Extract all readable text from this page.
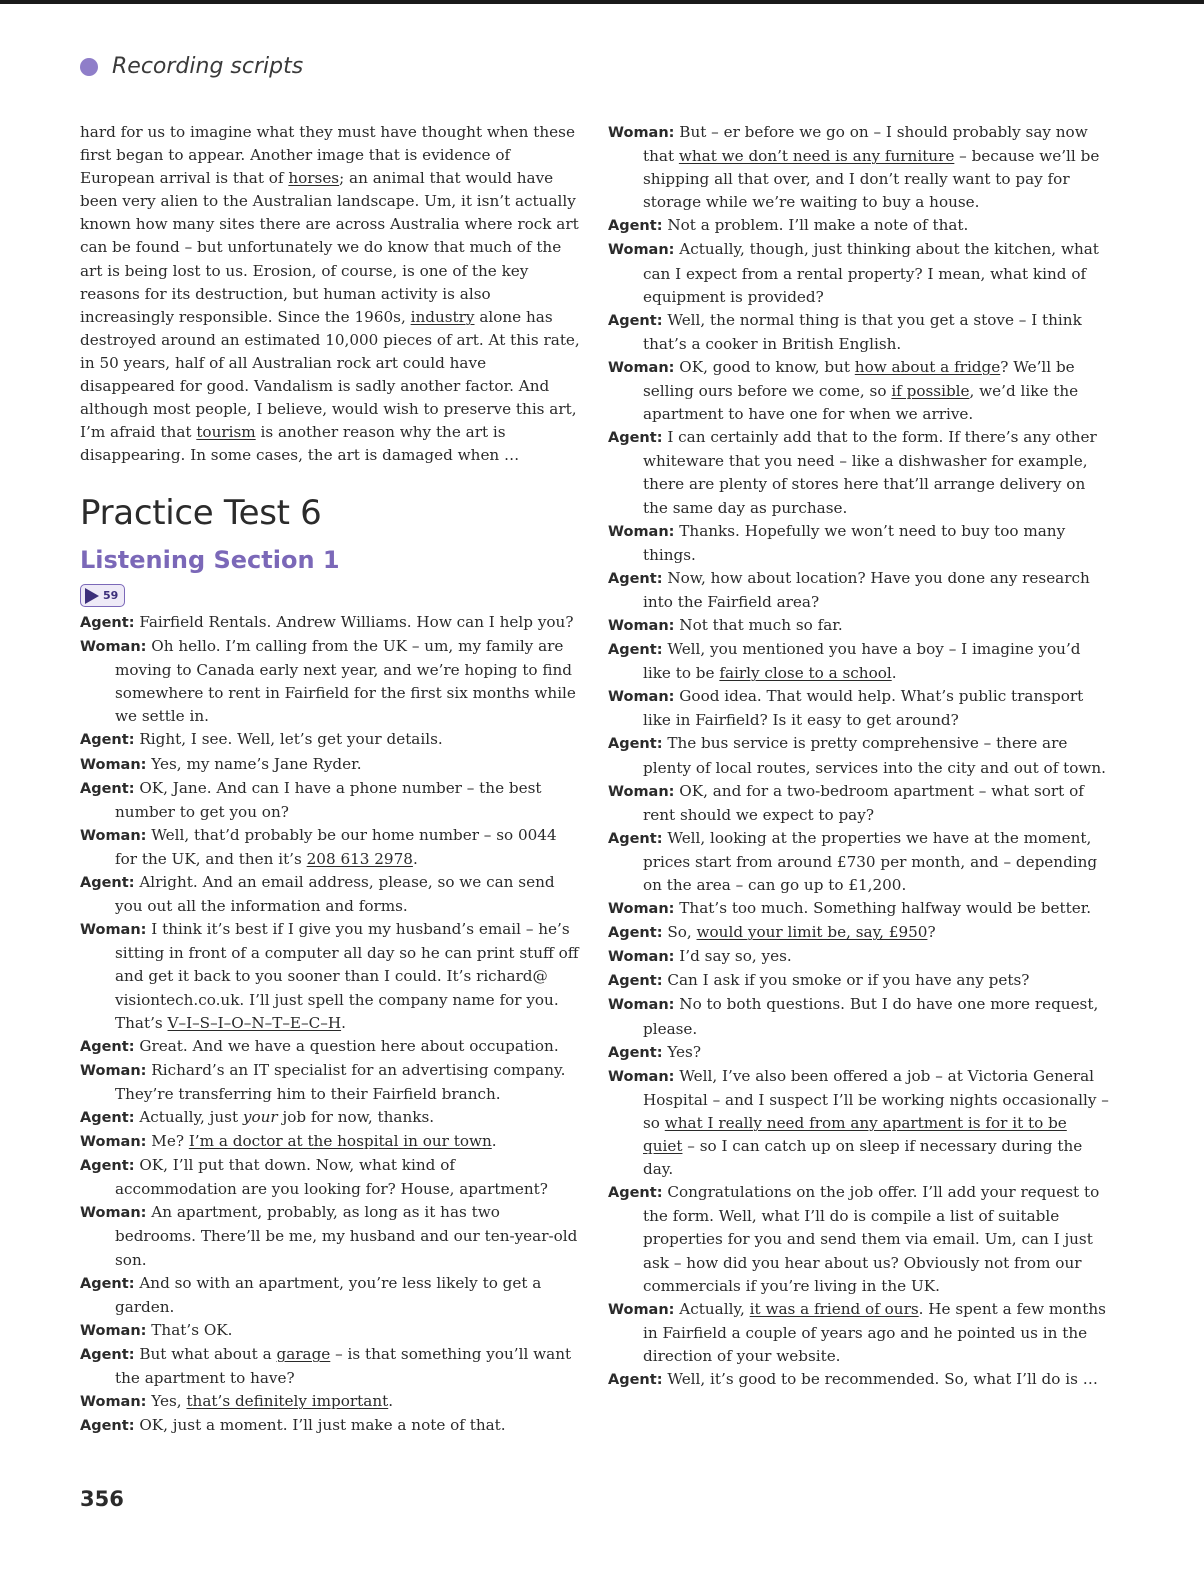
Recording scripts

hard for us to imagine what they must have thought when these first began to appear. Another image that is evidence of European arrival is that of horses; an animal that would have been very alien to the Australian landscape. Um, it isn’t actually known how many sites there are across Australia where rock art can be found – but unfortunately we do know that much of the art is being lost to us. Erosion, of course, is one of the key reasons for its destruction, but human activity is also increasingly responsible. Since the 1960s, industry alone has destroyed around an estimated 10,000 pieces of art. At this rate, in 50 years, half of all Australian rock art could have disappeared for good. Vandalism is sadly another factor. And although most people, I believe, would wish to preserve this art, I’m afraid that tourism is another reason why the art is disappearing. In some cases, the art is damaged when …

Practice Test 6
Listening Section 1
59

Agent: Fairfield Rentals. Andrew Williams. How can I help you?

Woman: Oh hello. I’m calling from the UK – um, my family are moving to Canada early next year, and we’re hoping to find somewhere to rent in Fairfield for the first six months while we settle in.

Agent: Right, I see. Well, let’s get your details.

Woman: Yes, my name’s Jane Ryder.

Agent: OK, Jane. And can I have a phone number – the best number to get you on?

Woman: Well, that’d probably be our home number – so 0044 for the UK, and then it’s 208 613 2978.

Agent: Alright. And an email address, please, so we can send you out all the information and forms.

Woman: I think it’s best if I give you my husband’s email – he’s sitting in front of a computer all day so he can print stuff off and get it back to you sooner than I could. It’s richard@ visiontech.co.uk. I’ll just spell the company name for you. That’s V–I–S–I–O–N–T–E–C–H.

Agent: Great. And we have a question here about occupation.

Woman: Richard’s an IT specialist for an advertising company. They’re transferring him to their Fairfield branch.

Agent: Actually, just your job for now, thanks.

Woman: Me? I’m a doctor at the hospital in our town.

Agent: OK, I’ll put that down. Now, what kind of accommodation are you looking for? House, apartment?

Woman: An apartment, probably, as long as it has two bedrooms. There’ll be me, my husband and our ten-year-old son.

Agent: And so with an apartment, you’re less likely to get a garden.

Woman: That’s OK.

Agent: But what about a garage – is that something you’ll want the apartment to have?

Woman: Yes, that’s definitely important.

Agent: OK, just a moment. I’ll just make a note of that.

Woman: But – er before we go on – I should probably say now that what we don’t need is any furniture – because we’ll be shipping all that over, and I don’t really want to pay for storage while we’re waiting to buy a house.

Agent: Not a problem. I’ll make a note of that.

Woman: Actually, though, just thinking about the kitchen, what can I expect from a rental property? I mean, what kind of equipment is provided?

Agent: Well, the normal thing is that you get a stove – I think that’s a cooker in British English.

Woman: OK, good to know, but how about a fridge? We’ll be selling ours before we come, so if possible, we’d like the apartment to have one for when we arrive.

Agent: I can certainly add that to the form. If there’s any other whiteware that you need – like a dishwasher for example, there are plenty of stores here that’ll arrange delivery on the same day as purchase.

Woman: Thanks. Hopefully we won’t need to buy too many things.

Agent: Now, how about location? Have you done any research into the Fairfield area?

Woman: Not that much so far.

Agent: Well, you mentioned you have a boy – I imagine you’d like to be fairly close to a school.

Woman: Good idea. That would help. What’s public transport like in Fairfield? Is it easy to get around?

Agent: The bus service is pretty comprehensive – there are plenty of local routes, services into the city and out of town.

Woman: OK, and for a two-bedroom apartment – what sort of rent should we expect to pay?

Agent: Well, looking at the properties we have at the moment, prices start from around £730 per month, and – depending on the area – can go up to £1,200.

Woman: That’s too much. Something halfway would be better.

Agent: So, would your limit be, say, £950?

Woman: I’d say so, yes.

Agent: Can I ask if you smoke or if you have any pets?

Woman: No to both questions. But I do have one more request, please.

Agent: Yes?

Woman: Well, I’ve also been offered a job – at Victoria General Hospital – and I suspect I’ll be working nights occasionally – so what I really need from any apartment is for it to be quiet – so I can catch up on sleep if necessary during the day.

Agent: Congratulations on the job offer. I’ll add your request to the form. Well, what I’ll do is compile a list of suitable properties for you and send them via email. Um, can I just ask – how did you hear about us? Obviously not from our commercials if you’re living in the UK.

Woman: Actually, it was a friend of ours. He spent a few months in Fairfield a couple of years ago and he pointed us in the direction of your website.

Agent: Well, it’s good to be recommended. So, what I’ll do is …

356
